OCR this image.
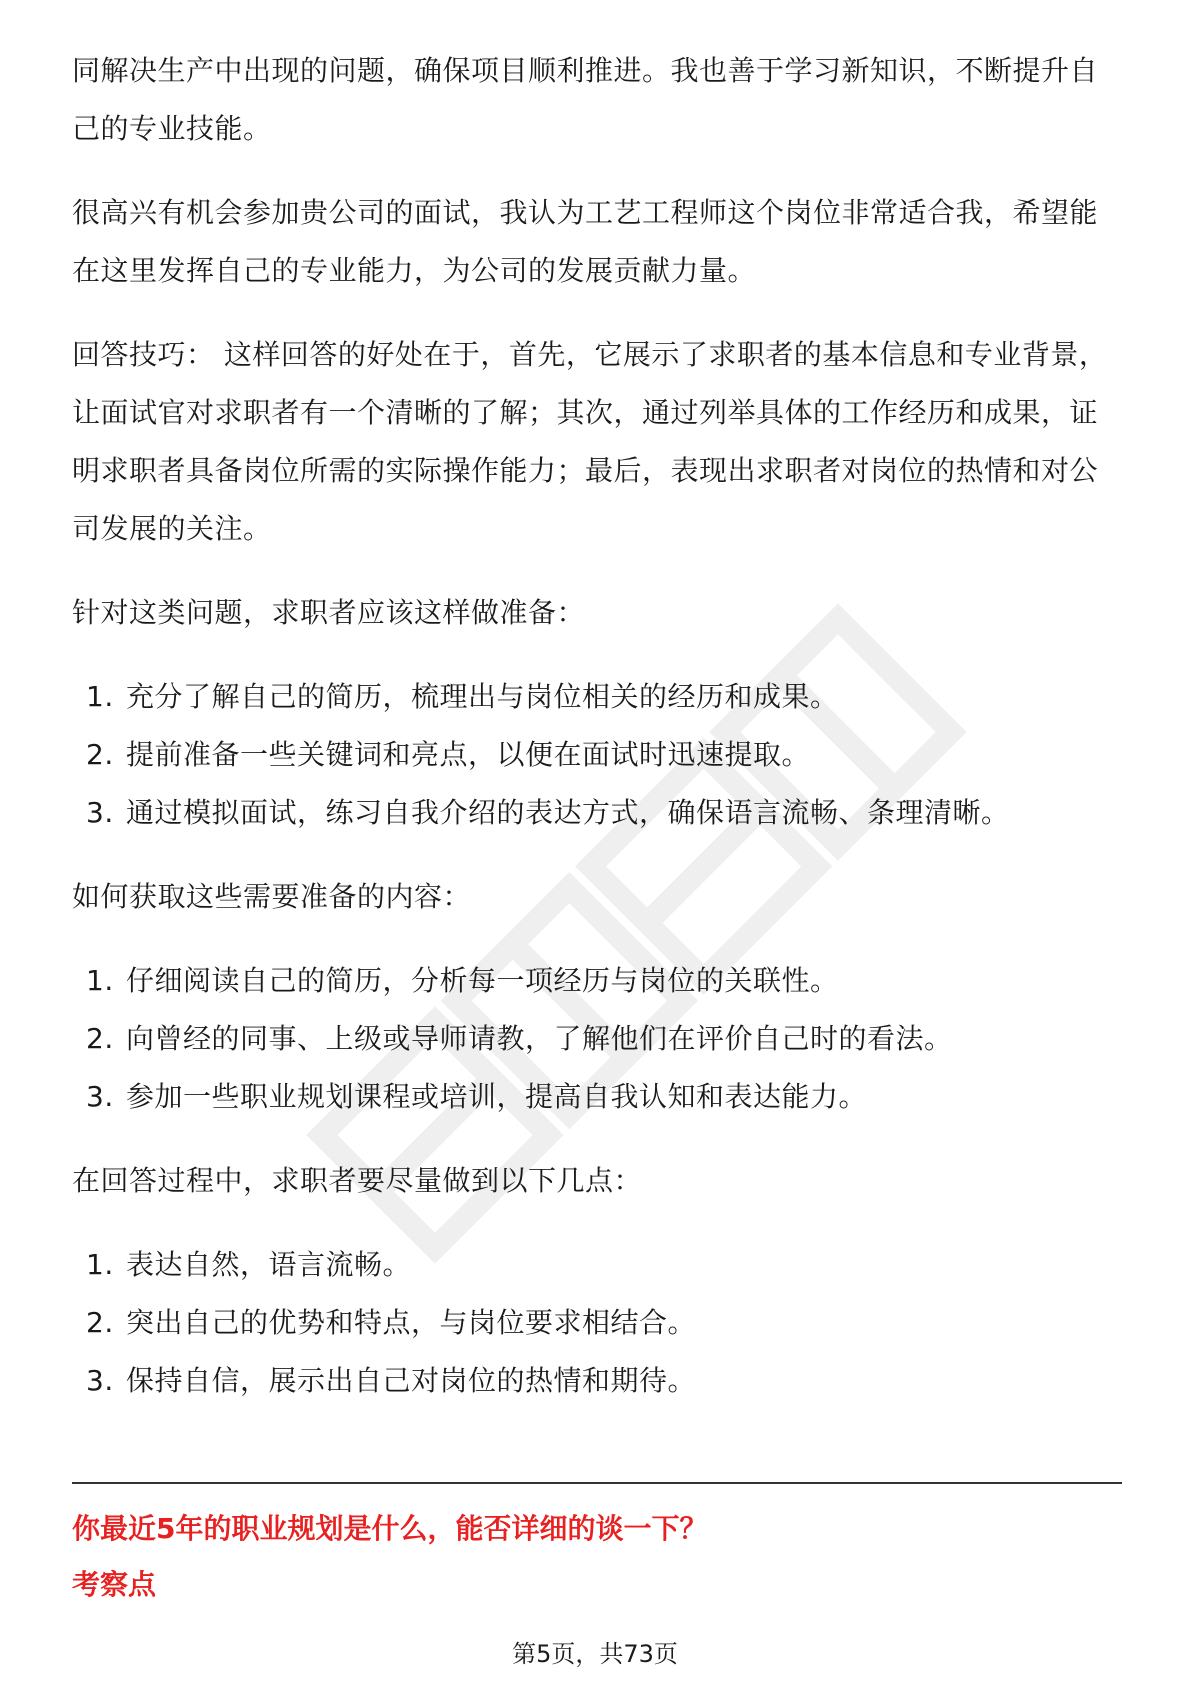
同解决生产中出现的问题，确保项目顺利推进。我也善于学习新知识，不断提升自己的专业技能。

很高兴有机会参加贵公司的面试，我认为工艺工程师这个岗位非常适合我，希望能在这里发挥自己的专业能力，为公司的发展贡献力量。

回答技巧： 这样回答的好处在于，首先，它展示了求职者的基本信息和专业背景，让面试官对求职者有一个清晰的了解；其次，通过列举具体的工作经历和成果，证明求职者具备岗位所需的实际操作能力；最后，表现出求职者对岗位的热情和对公司发展的关注。

针对这类问题，求职者应该这样做准备：

1. 充分了解自己的简历，梳理出与岗位相关的经历和成果。
2. 提前准备一些关键词和亮点，以便在面试时迅速提取。
3. 通过模拟面试，练习自我介绍的表达方式，确保语言流畅、条理清晰。

如何获取这些需要准备的内容：

1. 仔细阅读自己的简历，分析每一项经历与岗位的关联性。
2. 向曾经的同事、上级或导师请教，了解他们在评价自己时的看法。
3. 参加一些职业规划课程或培训，提高自我认知和表达能力。

在回答过程中，求职者要尽量做到以下几点：

1. 表达自然，语言流畅。
2. 突出自己的优势和特点，与岗位要求相结合。
3. 保持自信，展示出自己对岗位的热情和期待。
你最近5年的职业规划是什么，能否详细的谈一下？
考察点
第5页，共73页
